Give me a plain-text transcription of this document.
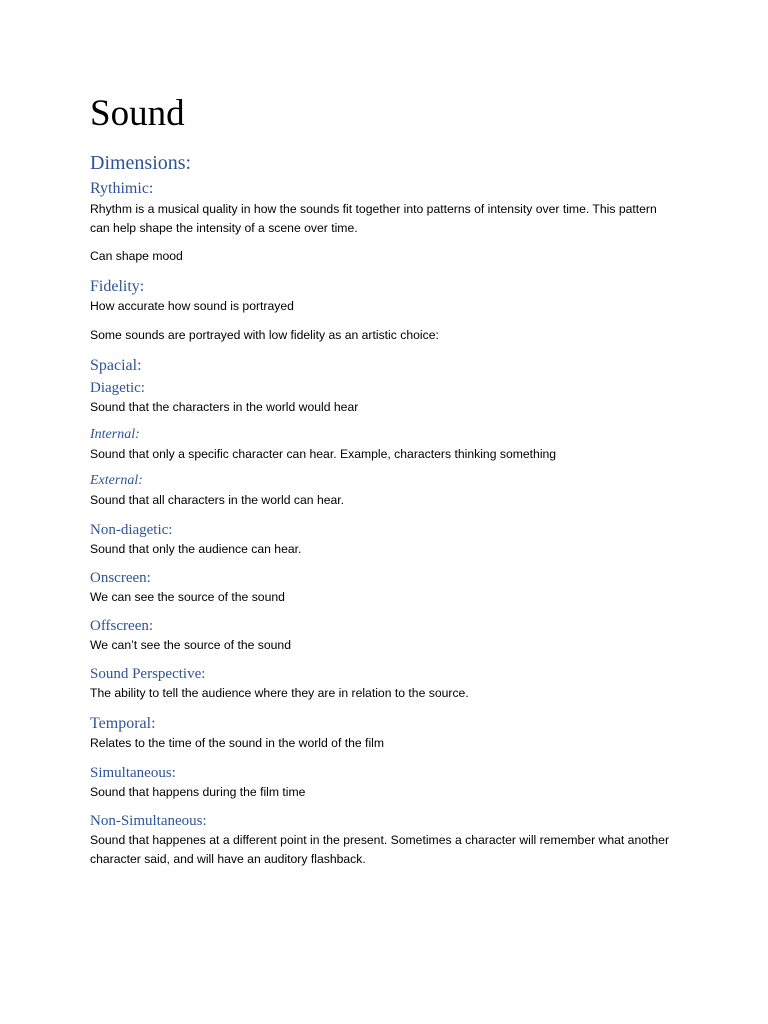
Sound
Dimensions:
Rythimic:
Rhythm is a musical quality in how the sounds fit together into patterns of intensity over time. This pattern can help shape the intensity of a scene over time.
Can shape mood
Fidelity:
How accurate how sound is portrayed
Some sounds are portrayed with low fidelity as an artistic choice:
Spacial:
Diagetic:
Sound that the characters in the world would hear
Internal:
Sound that only a specific character can hear. Example, characters thinking something
External:
Sound that all characters in the world can hear.
Non-diagetic:
Sound that only the audience can hear.
Onscreen:
We can see the source of the sound
Offscreen:
We can’t see the source of the sound
Sound Perspective:
The ability to tell the audience where they are in relation to the source.
Temporal:
Relates to the time of the sound in the world of the film
Simultaneous:
Sound that happens during the film time
Non-Simultaneous:
Sound that happenes at a different point in the present. Sometimes a character will remember what another character said, and will have an auditory flashback.
